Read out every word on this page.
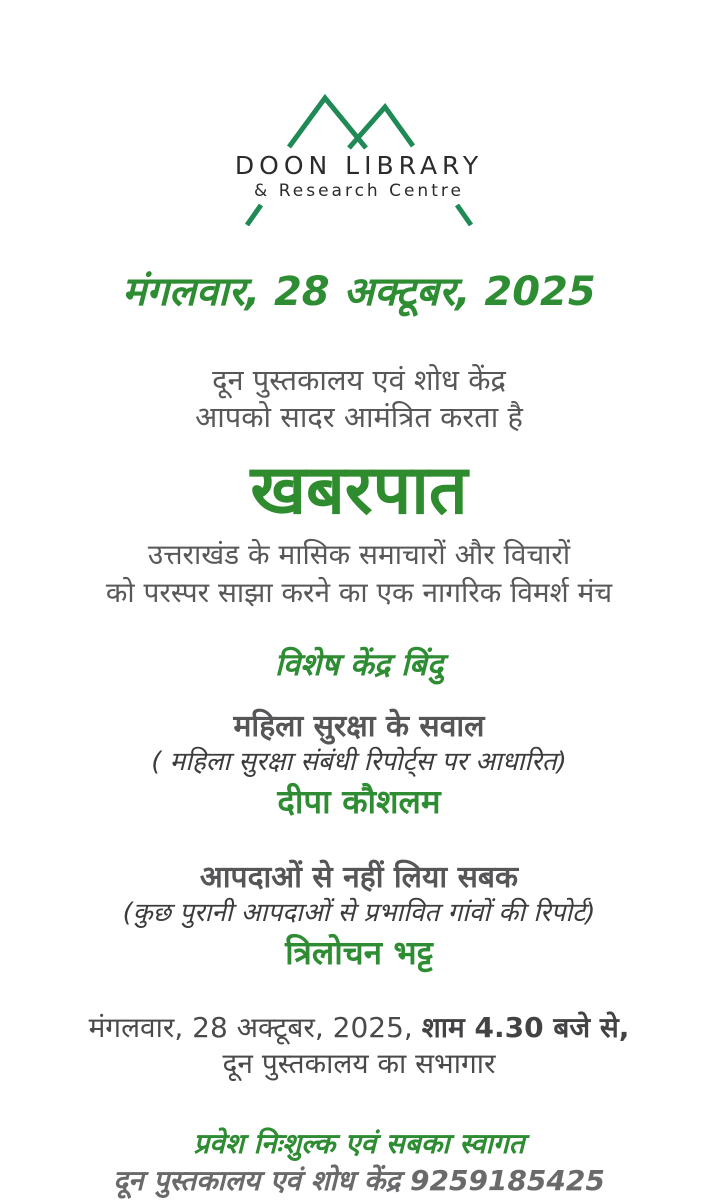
DOON LIBRARY
& Research Centre
मंगलवार, 28 अक्टूबर, 2025
दून पुस्तकालय एवं शोध केंद्र
आपको सादर आमंत्रित करता है
खबरपात
उत्तराखंड के मासिक समाचारों और विचारों
को परस्पर साझा करने का एक नागरिक विमर्श मंच
विशेष केंद्र बिंदु
महिला सुरक्षा के सवाल
( महिला सुरक्षा संबंधी रिपोर्ट्स पर आधारित)
दीपा कौशलम
आपदाओं से नहीं लिया सबक
(कुछ पुरानी आपदाओं से प्रभावित गांवों की रिपोर्ट)
त्रिलोचन भट्ट
मंगलवार, 28 अक्टूबर, 2025, शाम 4.30 बजे से,
दून पुस्तकालय का सभागार
प्रवेश निःशुल्क एवं सबका स्वागत
दून पुस्तकालय एवं शोध केंद्र 9259185425
